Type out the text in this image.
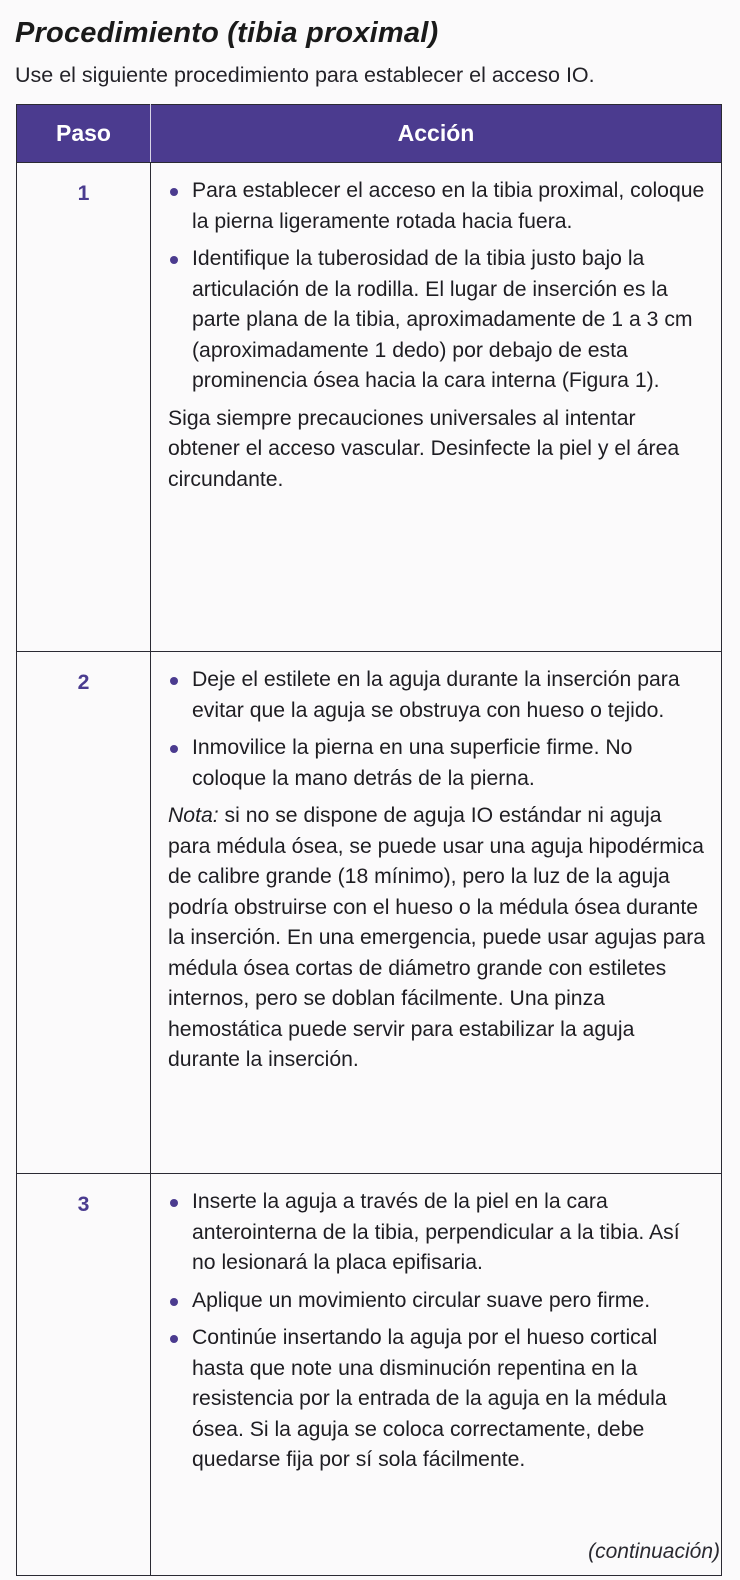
Procedimiento (tibia proximal)

Use el siguiente procedimiento para establecer el acceso IO.

Paso	Acción
1	Para establecer el acceso en la tibia proximal, coloque la pierna ligeramente rotada hacia fuera.
Identifique la tuberosidad de la tibia justo bajo la articulación de la rodilla. El lugar de inserción es la parte plana de la tibia, aproximadamente de 1 a 3 cm (aproximadamente 1 dedo) por debajo de esta prominencia ósea hacia la cara interna (Figura 1).

Siga siempre precauciones universales al intentar obtener el acceso vascular. Desinfecte la piel y el área circundante.

2	Deje el estilete en la aguja durante la inserción para evitar que la aguja se obstruya con hueso o tejido.
Inmovilice la pierna en una superficie firme. No coloque la mano detrás de la pierna.

Nota: si no se dispone de aguja IO estándar ni aguja para médula ósea, se puede usar una aguja hipodérmica de calibre grande (18 mínimo), pero la luz de la aguja podría obstruirse con el hueso o la médula ósea durante la inserción. En una emergencia, puede usar agujas para médula ósea cortas de diámetro grande con estiletes internos, pero se doblan fácilmente. Una pinza hemostática puede servir para estabilizar la aguja durante la inserción.

3	Inserte la aguja a través de la piel en la cara anterointerna de la tibia, perpendicular a la tibia. Así no lesionará la placa epifisaria.
Aplique un movimiento circular suave pero firme.
Continúe insertando la aguja por el hueso cortical hasta que note una disminución repentina en la resistencia por la entrada de la aguja en la médula ósea. Si la aguja se coloca correctamente, debe quedarse fija por sí sola fácilmente.
(continuación)
